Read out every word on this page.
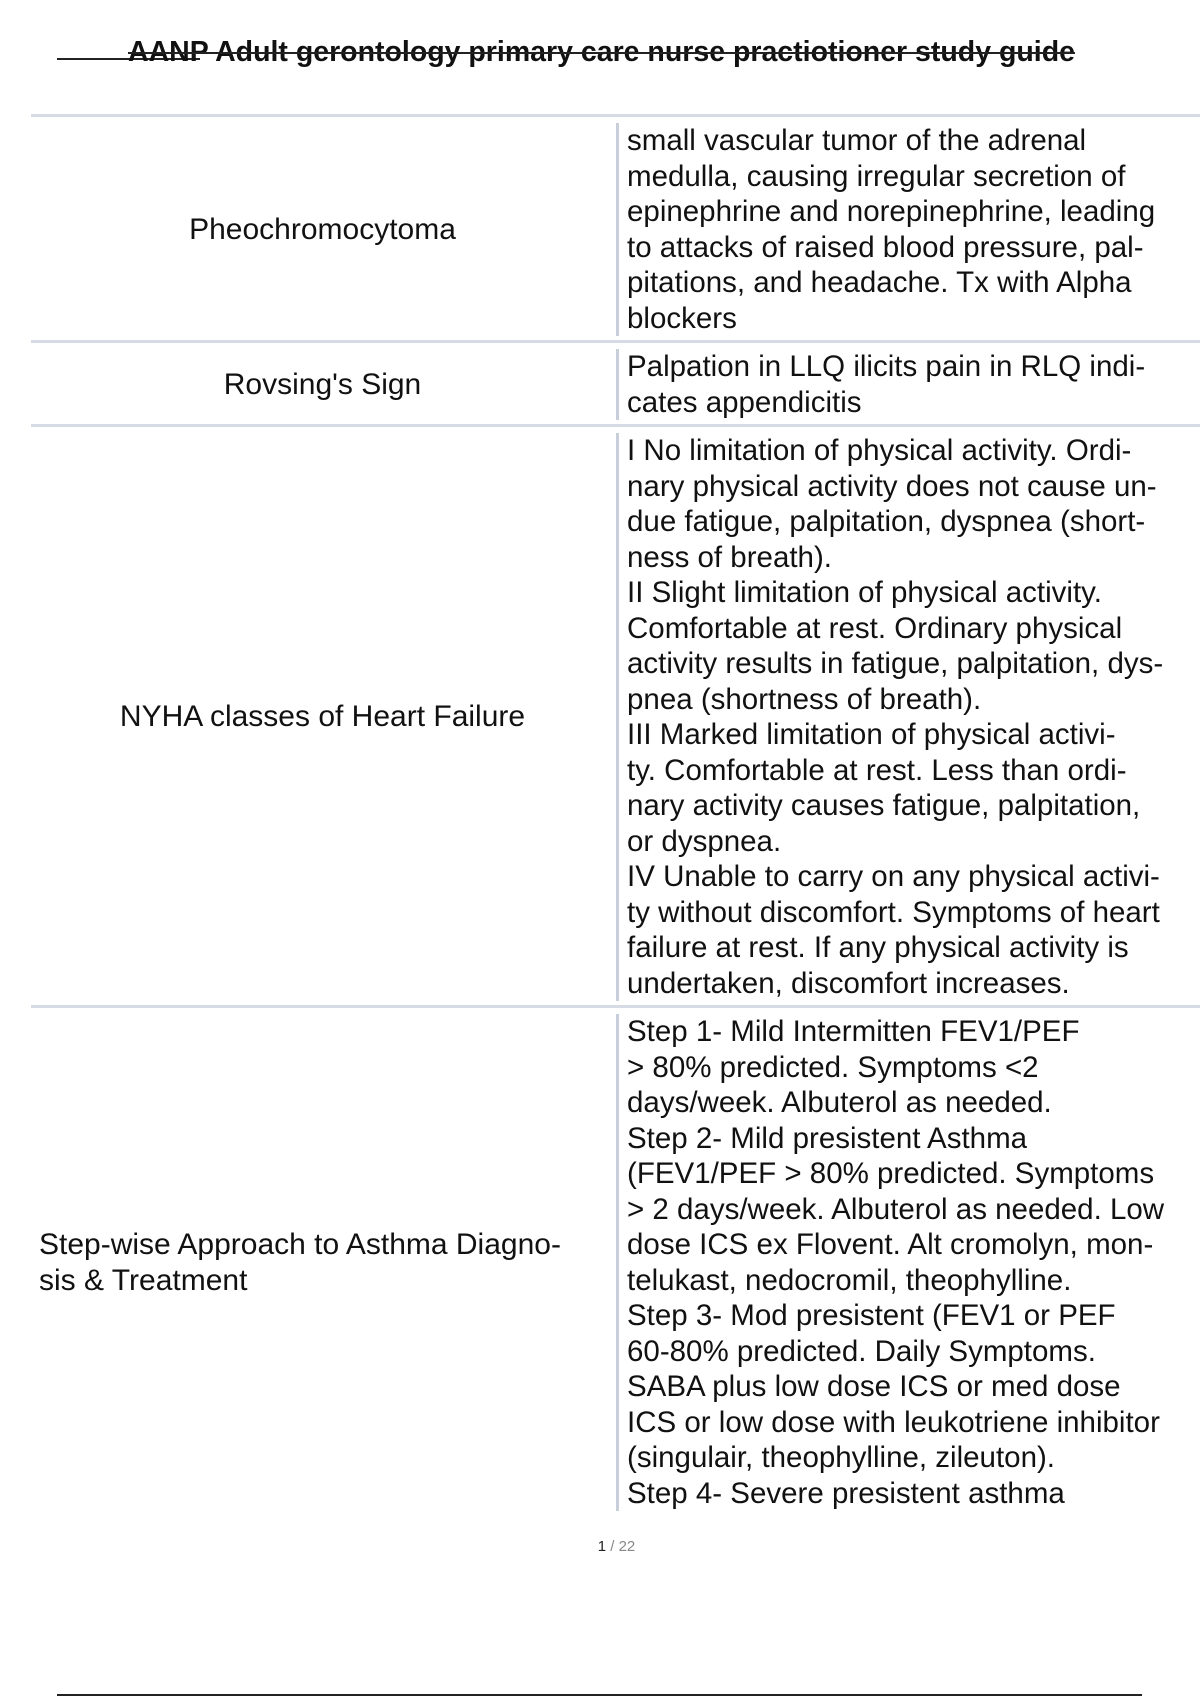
AANP Adult gerontology primary care nurse practiotioner study guide
Pheochromocytoma
small vascular tumor of the adrenal
medulla, causing irregular secretion of
epinephrine and norepinephrine, leading
to attacks of raised blood pressure, pal-
pitations, and headache. Tx with Alpha
blockers
Rovsing's Sign
Palpation in LLQ ilicits pain in RLQ indi-
cates appendicitis
NYHA classes of Heart Failure
I No limitation of physical activity. Ordi-
nary physical activity does not cause un-
due fatigue, palpitation, dyspnea (short-
ness of breath).
II Slight limitation of physical activity.
Comfortable at rest. Ordinary physical
activity results in fatigue, palpitation, dys-
pnea (shortness of breath).
III Marked limitation of physical activi-
ty. Comfortable at rest. Less than ordi-
nary activity causes fatigue, palpitation,
or dyspnea.
IV Unable to carry on any physical activi-
ty without discomfort. Symptoms of heart
failure at rest. If any physical activity is
undertaken, discomfort increases.
Step-wise Approach to Asthma Diagno-
sis & Treatment
Step 1- Mild Intermitten FEV1/PEF
> 80% predicted. Symptoms <2
days/week. Albuterol as needed.
Step 2- Mild presistent Asthma
(FEV1/PEF > 80% predicted. Symptoms
> 2 days/week. Albuterol as needed. Low
dose ICS ex Flovent. Alt cromolyn, mon-
telukast, nedocromil, theophylline.
Step 3- Mod presistent (FEV1 or PEF
60-80% predicted. Daily Symptoms.
SABA plus low dose ICS or med dose
ICS or low dose with leukotriene inhibitor
(singulair, theophylline, zileuton).
Step 4- Severe presistent asthma
1 / 22
